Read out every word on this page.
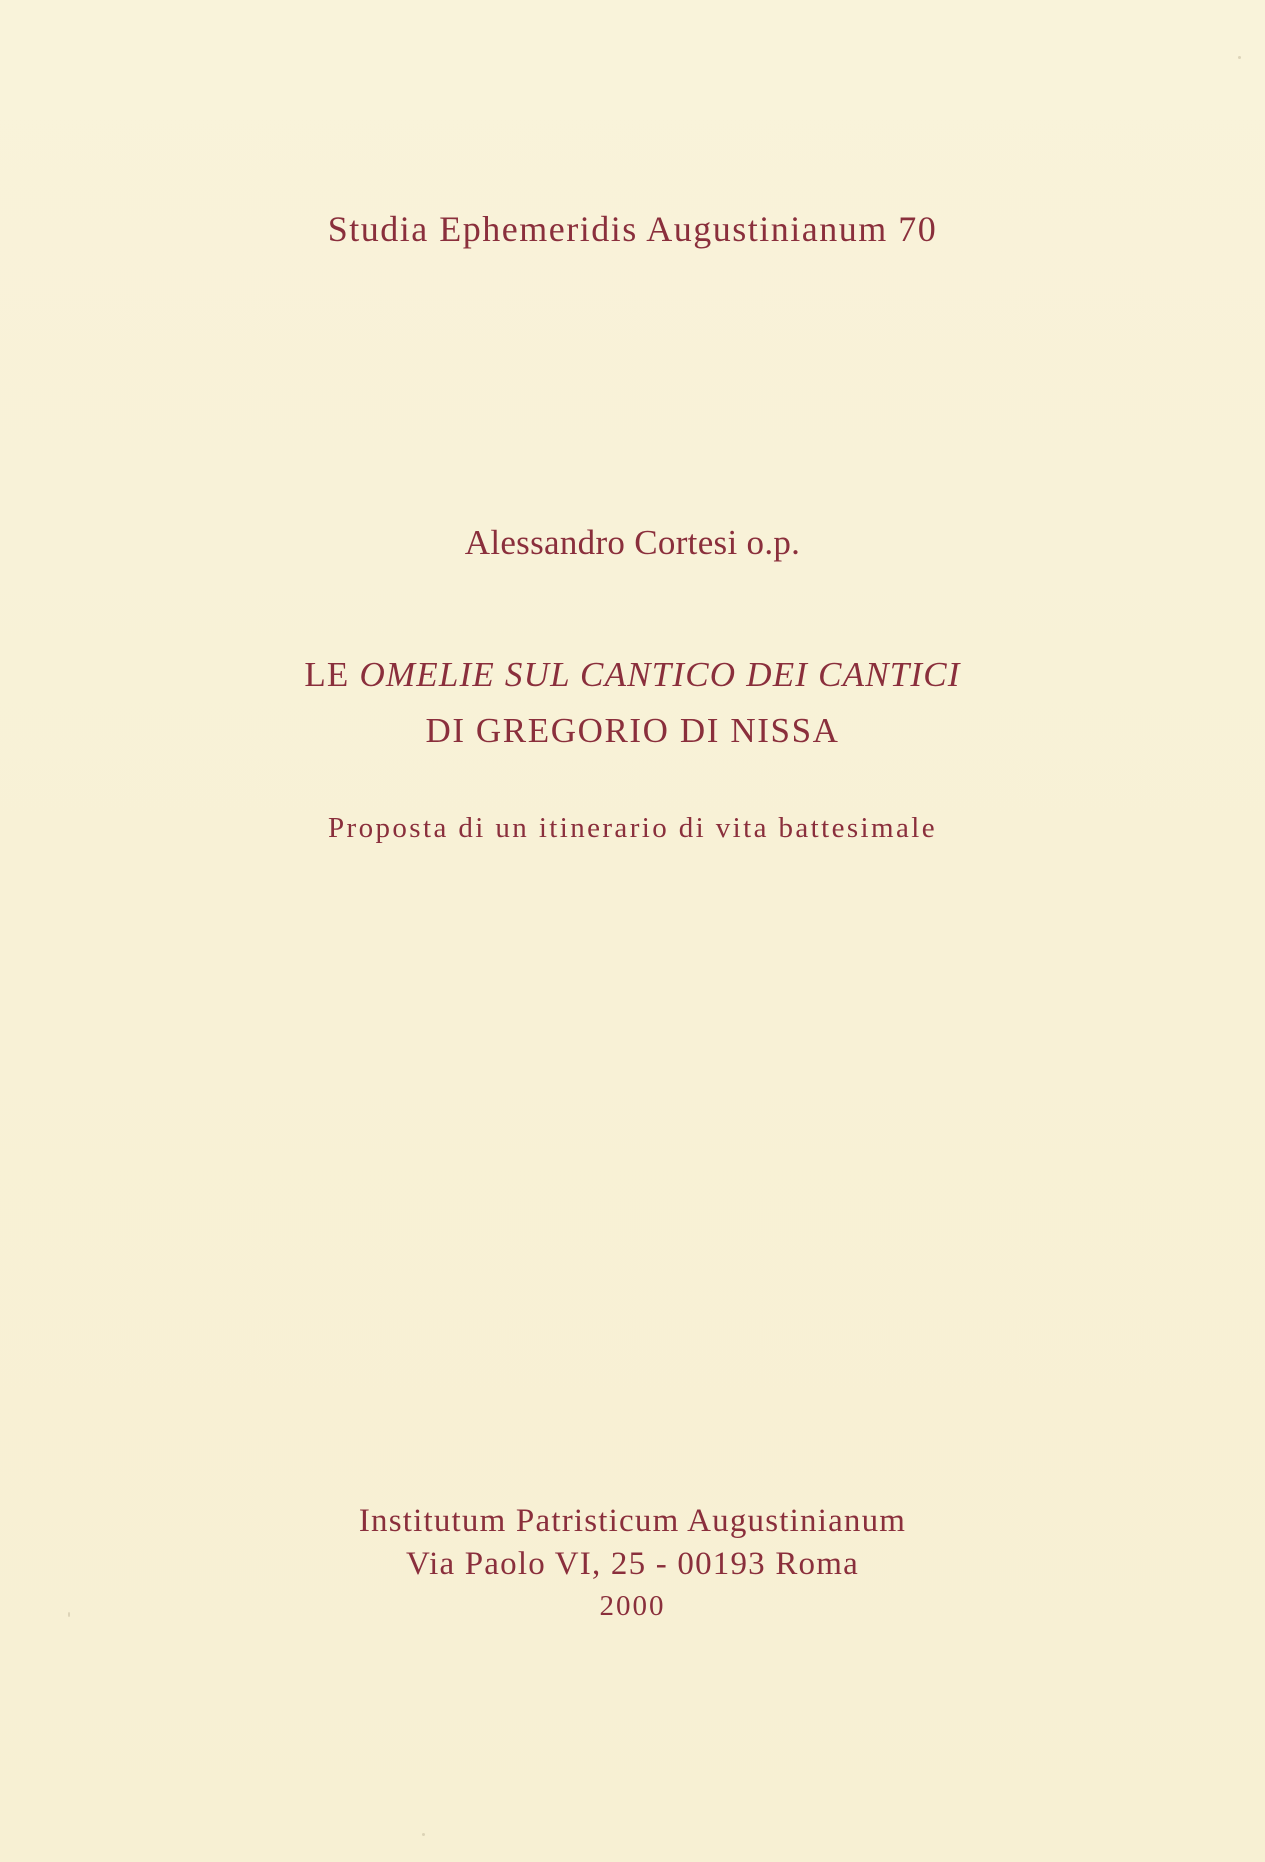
Studia Ephemeridis Augustinianum 70
Alessandro Cortesi o.p.
LE OMELIE SUL CANTICO DEI CANTICI
DI GREGORIO DI NISSA
Proposta di un itinerario di vita battesimale
Institutum Patristicum Augustinianum
Via Paolo VI, 25 - 00193 Roma
2000
